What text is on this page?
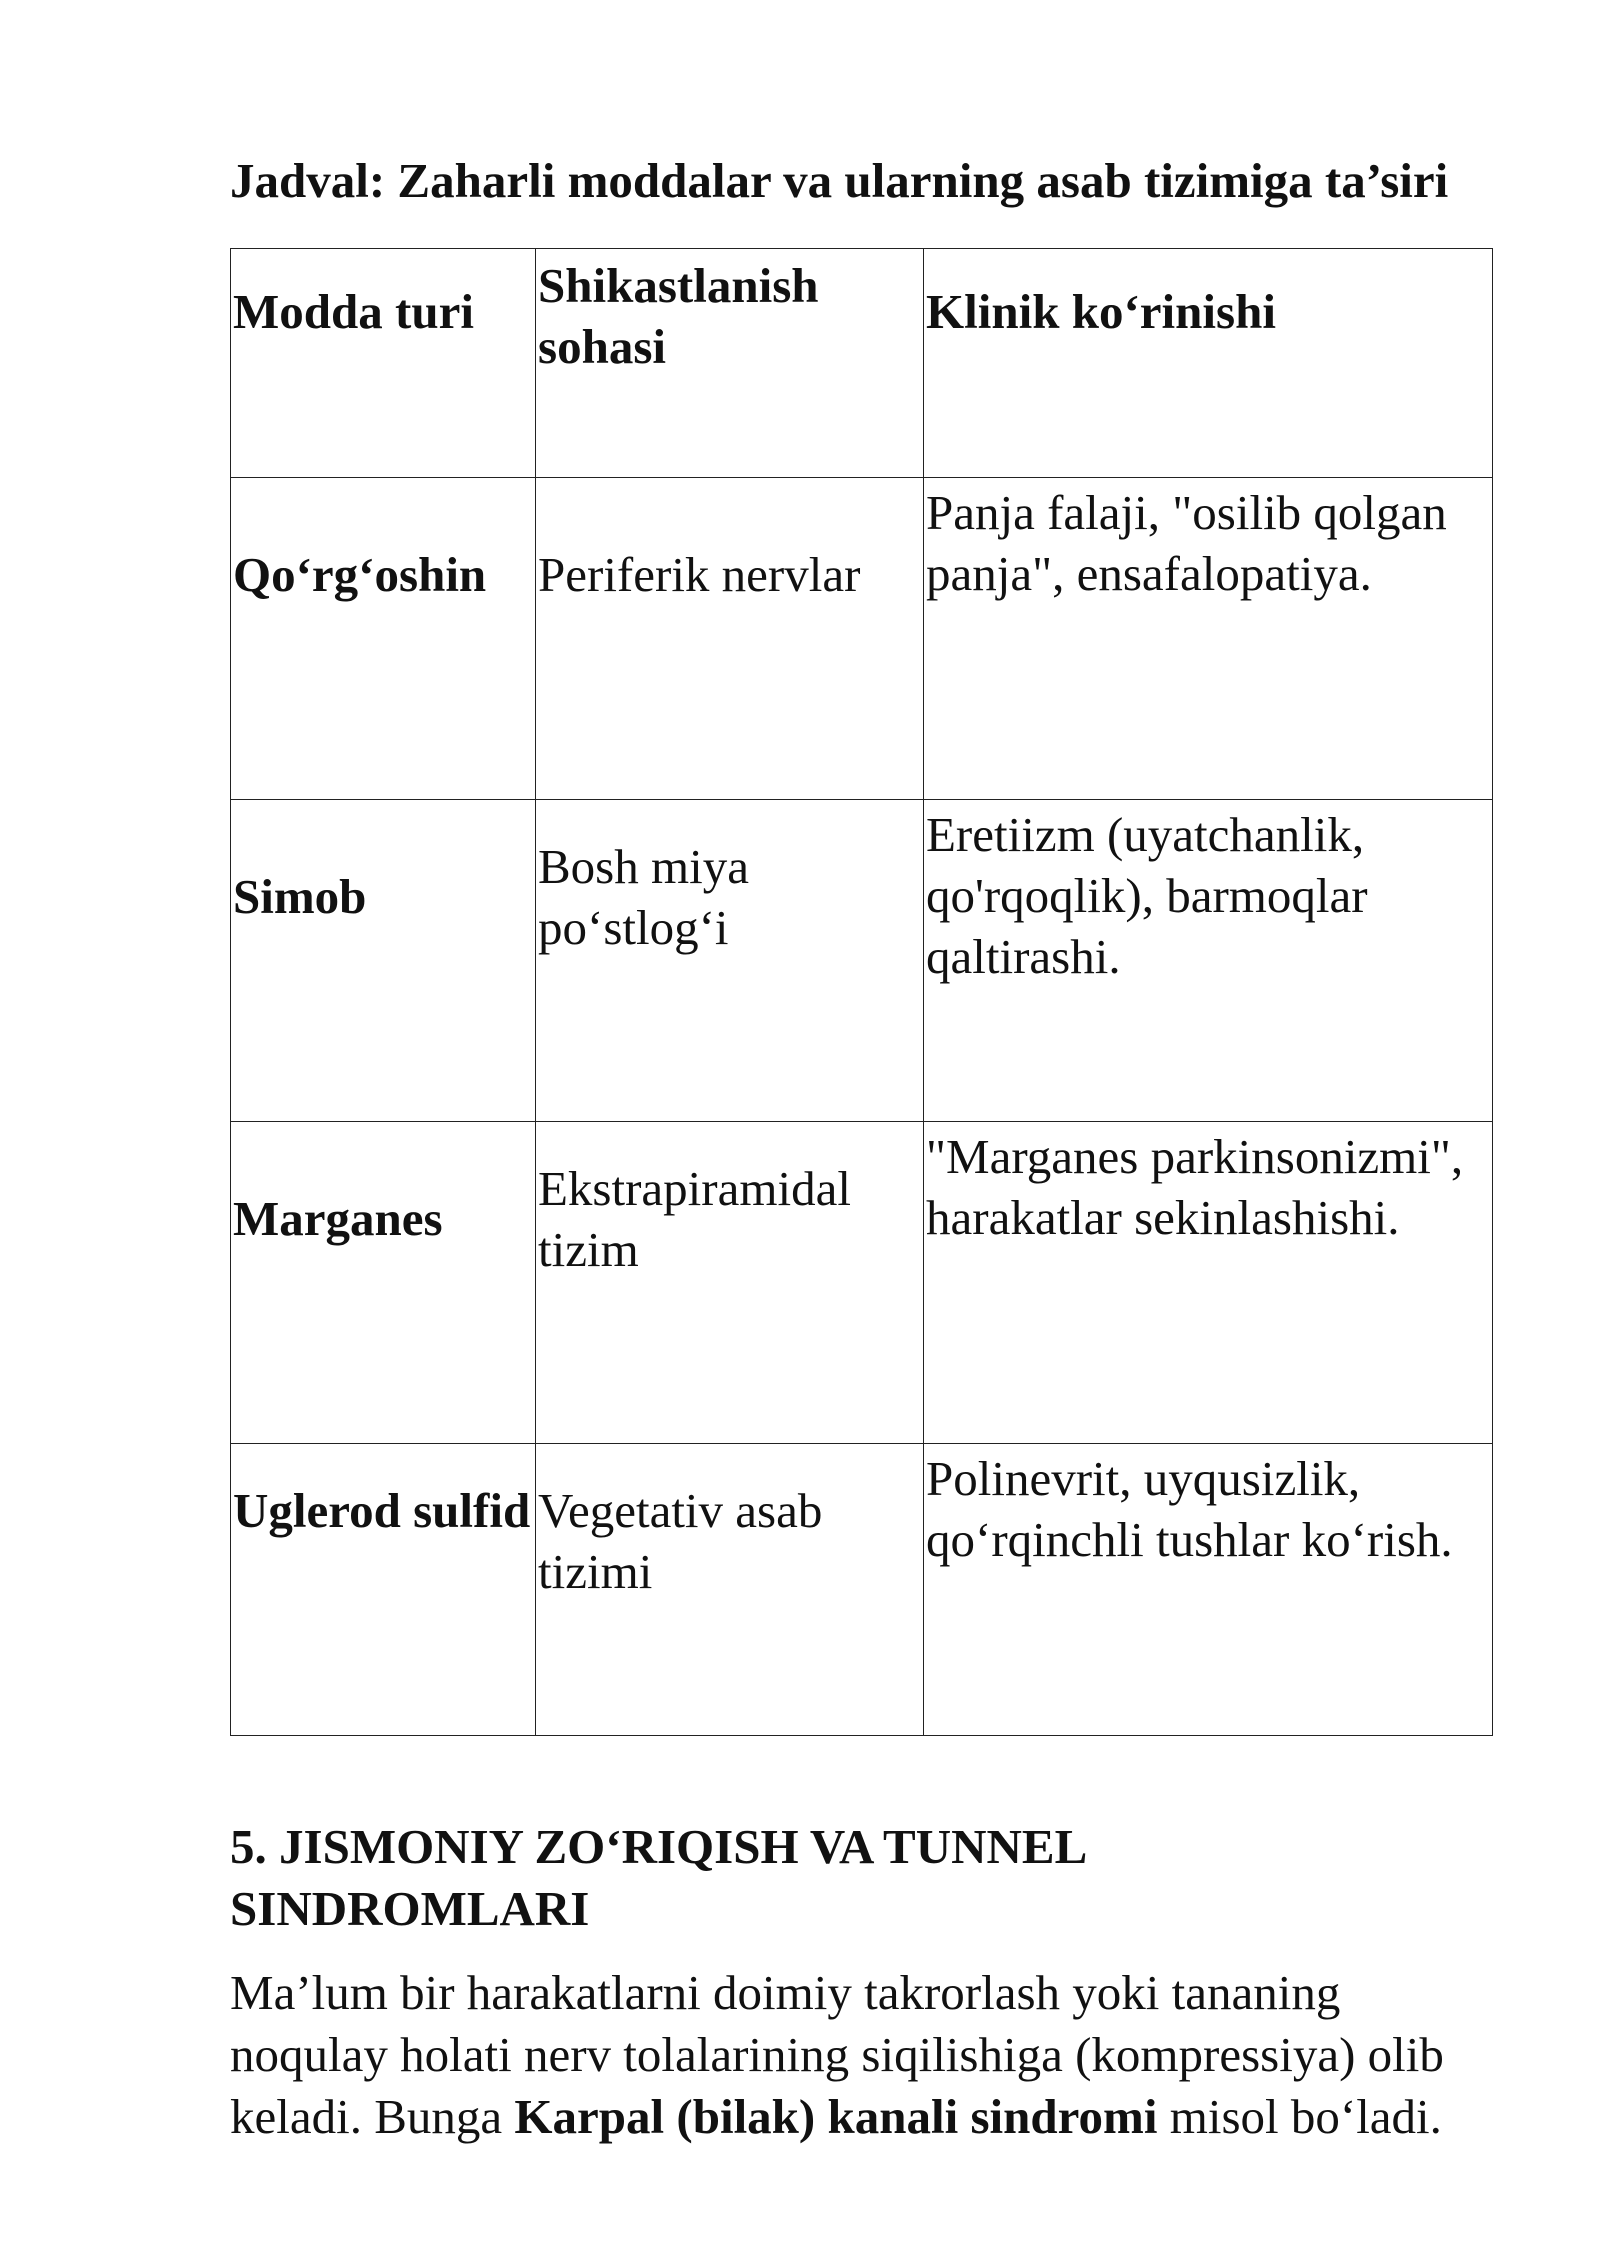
Jadval: Zaharli moddalar va ularning asab tizimiga ta’siri
Modda turi	Shikastlanish sohasi	Klinik ko‘rinishi
Qo‘rg‘oshin	Periferik nervlar	Panja falaji, "osilib qolgan panja", ensafalopatiya.
Simob	Bosh miya po‘stlog‘i	Eretiizm (uyatchanlik, qo'rqoqlik), barmoqlar qaltirashi.
Marganes	Ekstrapiramidal tizim	"Marganes parkinsonizmi", harakatlar sekinlashishi.
Uglerod sulfid	Vegetativ asab tizimi	Polinevrit, uyqusizlik, qo‘rqinchli tushlar ko‘rish.
5. JISMONIY ZO‘RIQISH VA TUNNEL SINDROMLARI

Ma’lum bir harakatlarni doimiy takrorlash yoki tananing noqulay holati nerv tolalarining siqilishiga (kompressiya) olib keladi. Bunga Karpal (bilak) kanali sindromi misol bo‘ladi.
